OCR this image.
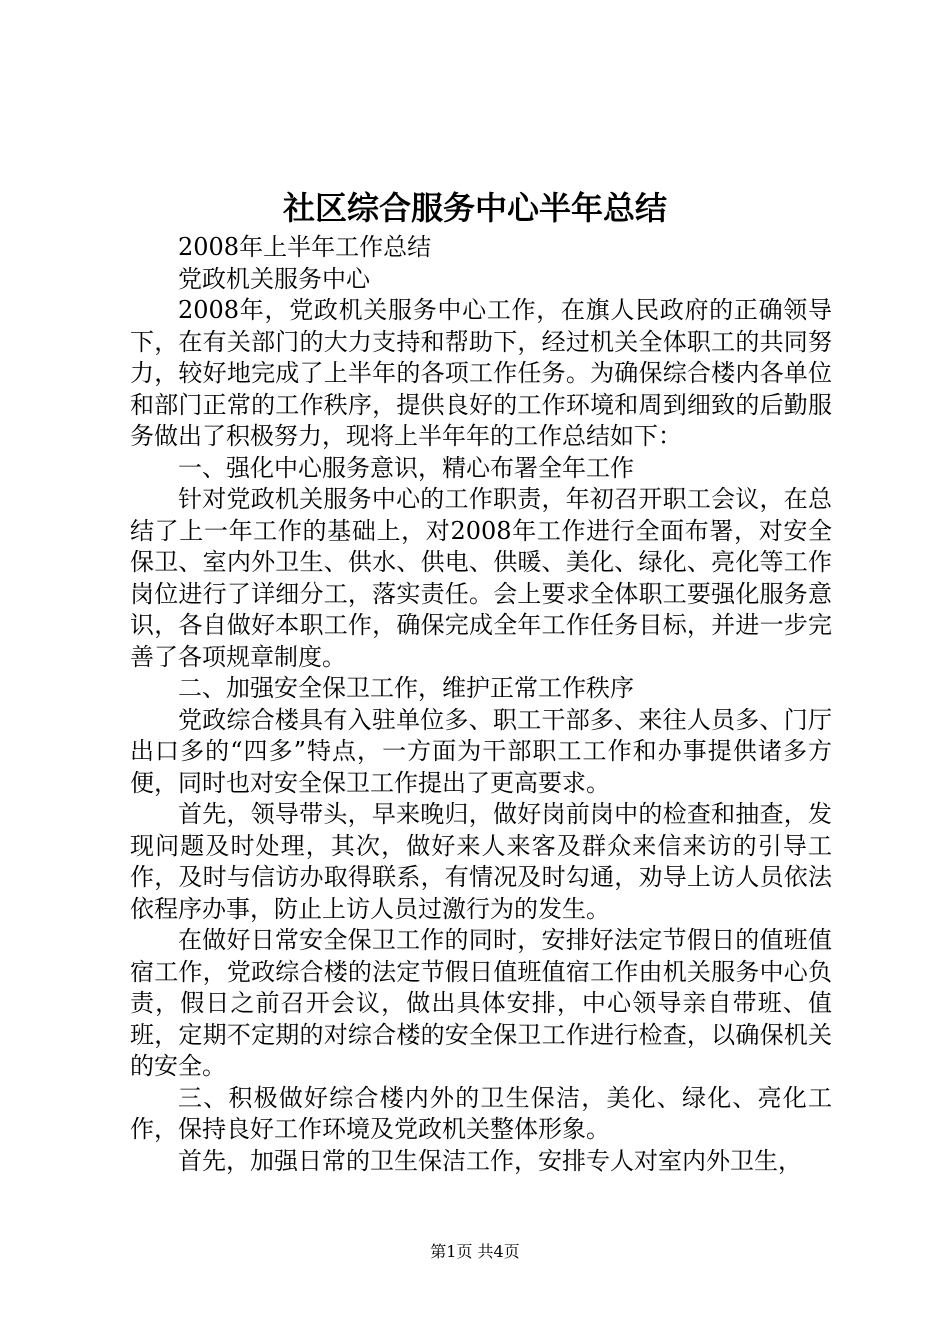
社区综合服务中心半年总结

2008年上半年工作总结

党政机关服务中心

2008年，党政机关服务中心工作，在旗人民政府的正确领导下，在有关部门的大力支持和帮助下，经过机关全体职工的共同努力，较好地完成了上半年的各项工作任务。为确保综合楼内各单位和部门正常的工作秩序，提供良好的工作环境和周到细致的后勤服务做出了积极努力，现将上半年年的工作总结如下：

一、强化中心服务意识，精心布署全年工作

针对党政机关服务中心的工作职责，年初召开职工会议，在总结了上一年工作的基础上，对2008年工作进行全面布署，对安全保卫、室内外卫生、供水、供电、供暖、美化、绿化、亮化等工作岗位进行了详细分工，落实责任。会上要求全体职工要强化服务意识，各自做好本职工作，确保完成全年工作任务目标，并进一步完善了各项规章制度。

二、加强安全保卫工作，维护正常工作秩序

党政综合楼具有入驻单位多、职工干部多、来往人员多、门厅出口多的“四多”特点，一方面为干部职工工作和办事提供诸多方便，同时也对安全保卫工作提出了更高要求。

首先，领导带头，早来晚归，做好岗前岗中的检查和抽查，发现问题及时处理，其次，做好来人来客及群众来信来访的引导工作，及时与信访办取得联系，有情况及时勾通，劝导上访人员依法依程序办事，防止上访人员过激行为的发生。

在做好日常安全保卫工作的同时，安排好法定节假日的值班值宿工作，党政综合楼的法定节假日值班值宿工作由机关服务中心负责，假日之前召开会议，做出具体安排，中心领导亲自带班、值班，定期不定期的对综合楼的安全保卫工作进行检查，以确保机关的安全。

三、积极做好综合楼内外的卫生保洁，美化、绿化、亮化工作，保持良好工作环境及党政机关整体形象。

首先，加强日常的卫生保洁工作，安排专人对室内外卫生，

第1页 共4页
